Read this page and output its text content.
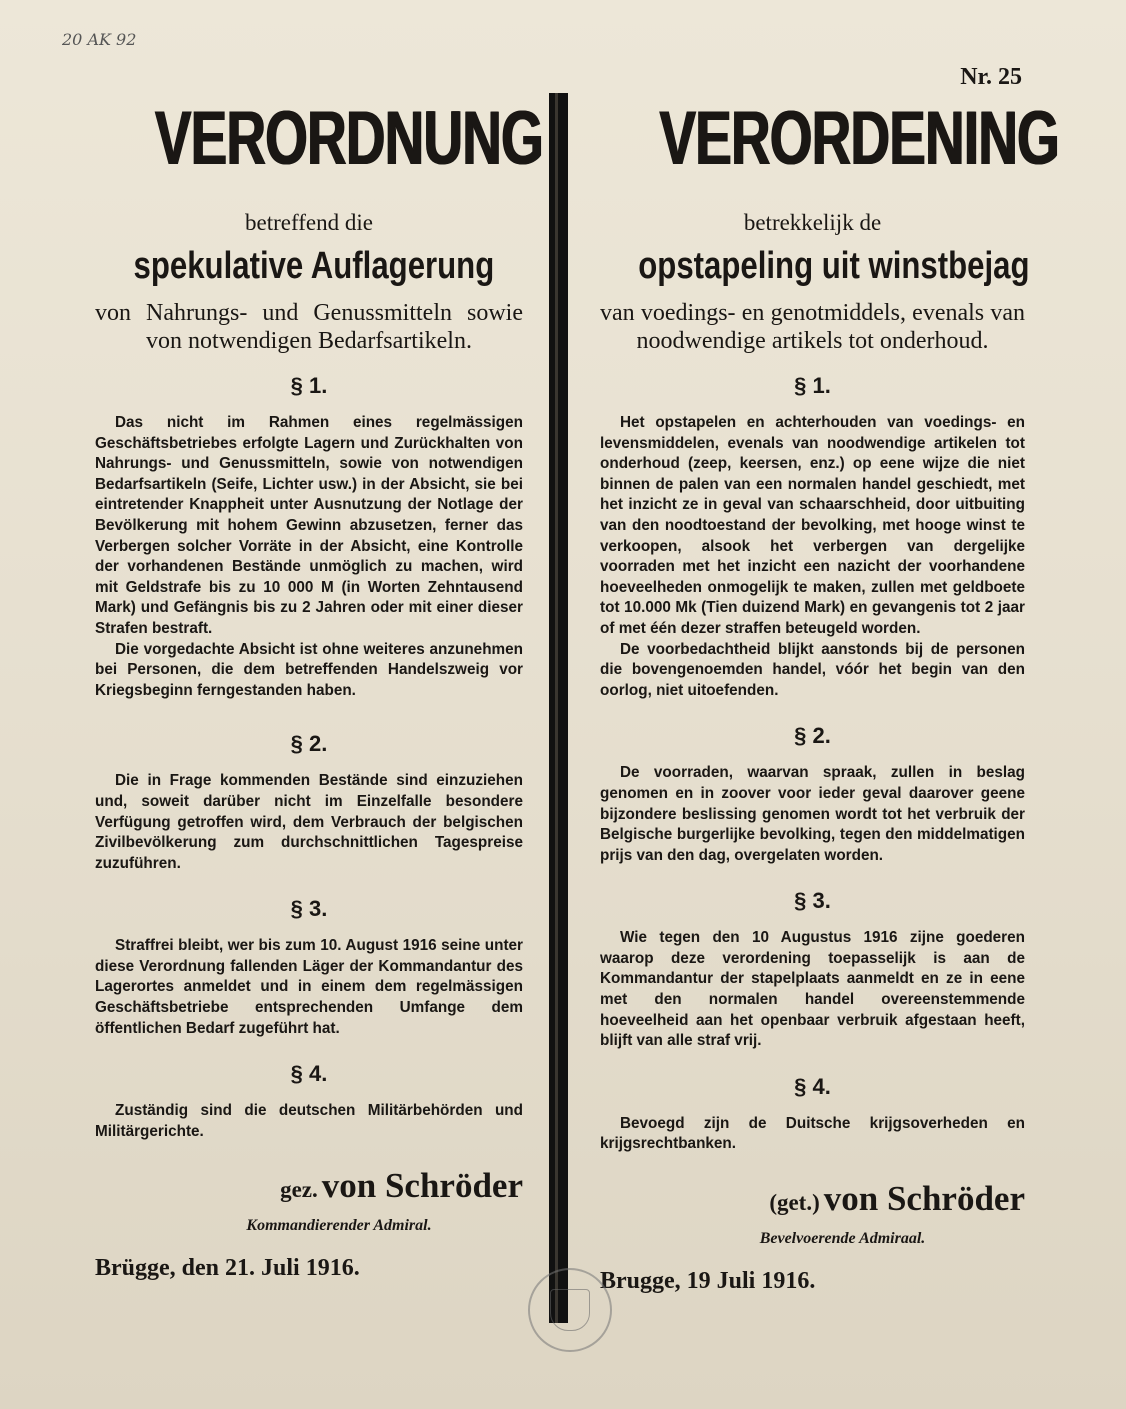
20 AK 92
Nr. 25
VERORDNUNG
betreffend die
spekulative Auflagerung

von Nahrungs- und Genussmitteln sowie von notwendigen Bedarfsartikeln.

§ 1.

Das nicht im Rahmen eines regelmässigen Geschäftsbetriebes erfolgte Lagern und Zurückhalten von Nahrungs- und Genussmitteln, sowie von notwendigen Bedarfsartikeln (Seife, Lichter usw.) in der Absicht, sie bei eintretender Knappheit unter Ausnutzung der Notlage der Bevölkerung mit hohem Gewinn abzusetzen, ferner das Verbergen solcher Vorräte in der Absicht, eine Kontrolle der vorhandenen Bestände unmöglich zu machen, wird mit Geldstrafe bis zu 10 000 M (in Worten Zehntausend Mark) und Gefängnis bis zu 2 Jahren oder mit einer dieser Strafen bestraft.

Die vorgedachte Absicht ist ohne weiteres anzunehmen bei Personen, die dem betreffenden Handelszweig vor Kriegsbeginn ferngestanden haben.

§ 2.

Die in Frage kommenden Bestände sind einzuziehen und, soweit darüber nicht im Einzelfalle besondere Verfügung getroffen wird, dem Verbrauch der belgischen Zivilbevölkerung zum durchschnittlichen Tagespreise zuzuführen.

§ 3.

Straffrei bleibt, wer bis zum 10. August 1916 seine unter diese Verordnung fallenden Läger der Kommandantur des Lagerortes anmeldet und in einem dem regelmässigen Geschäftsbetriebe entsprechenden Umfange dem öffentlichen Bedarf zugeführt hat.

§ 4.

Zuständig sind die deutschen Militärbehörden und Militärgerichte.

gez. von Schröder
Kommandierender Admiral.
Brügge, den 21. Juli 1916.
VERORDENING
betrekkelijk de
opstapeling uit winstbejag

van voedings- en genotmiddels, evenals van noodwendige artikels tot onderhoud.

§ 1.

Het opstapelen en achterhouden van voedings- en levensmiddelen, evenals van noodwendige artikelen tot onderhoud (zeep, keersen, enz.) op eene wijze die niet binnen de palen van een normalen handel geschiedt, met het inzicht ze in geval van schaarschheid, door uitbuiting van den noodtoestand der bevolking, met hooge winst te verkoopen, alsook het verbergen van dergelijke voorraden met het inzicht een nazicht der voorhandene hoeveelheden onmogelijk te maken, zullen met geldboete tot 10.000 Mk (Tien duizend Mark) en gevangenis tot 2 jaar of met één dezer straffen beteugeld worden.

De voorbedachtheid blijkt aanstonds bij de personen die bovengenoemden handel, vóór het begin van den oorlog, niet uitoefenden.

§ 2.

De voorraden, waarvan spraak, zullen in beslag genomen en in zoover voor ieder geval daarover geene bijzondere beslissing genomen wordt tot het verbruik der Belgische burgerlijke bevolking, tegen den middelmatigen prijs van den dag, overgelaten worden.

§ 3.

Wie tegen den 10 Augustus 1916 zijne goederen waarop deze verordening toepasselijk is aan de Kommandantur der stapelplaats aanmeldt en ze in eene met den normalen handel overeenstemmende hoeveelheid aan het openbaar verbruik afgestaan heeft, blijft van alle straf vrij.

§ 4.

Bevoegd zijn de Duitsche krijgsoverheden en krijgsrechtbanken.

(get.) von Schröder
Bevelvoerende Admiraal.
Brugge, 19 Juli 1916.
